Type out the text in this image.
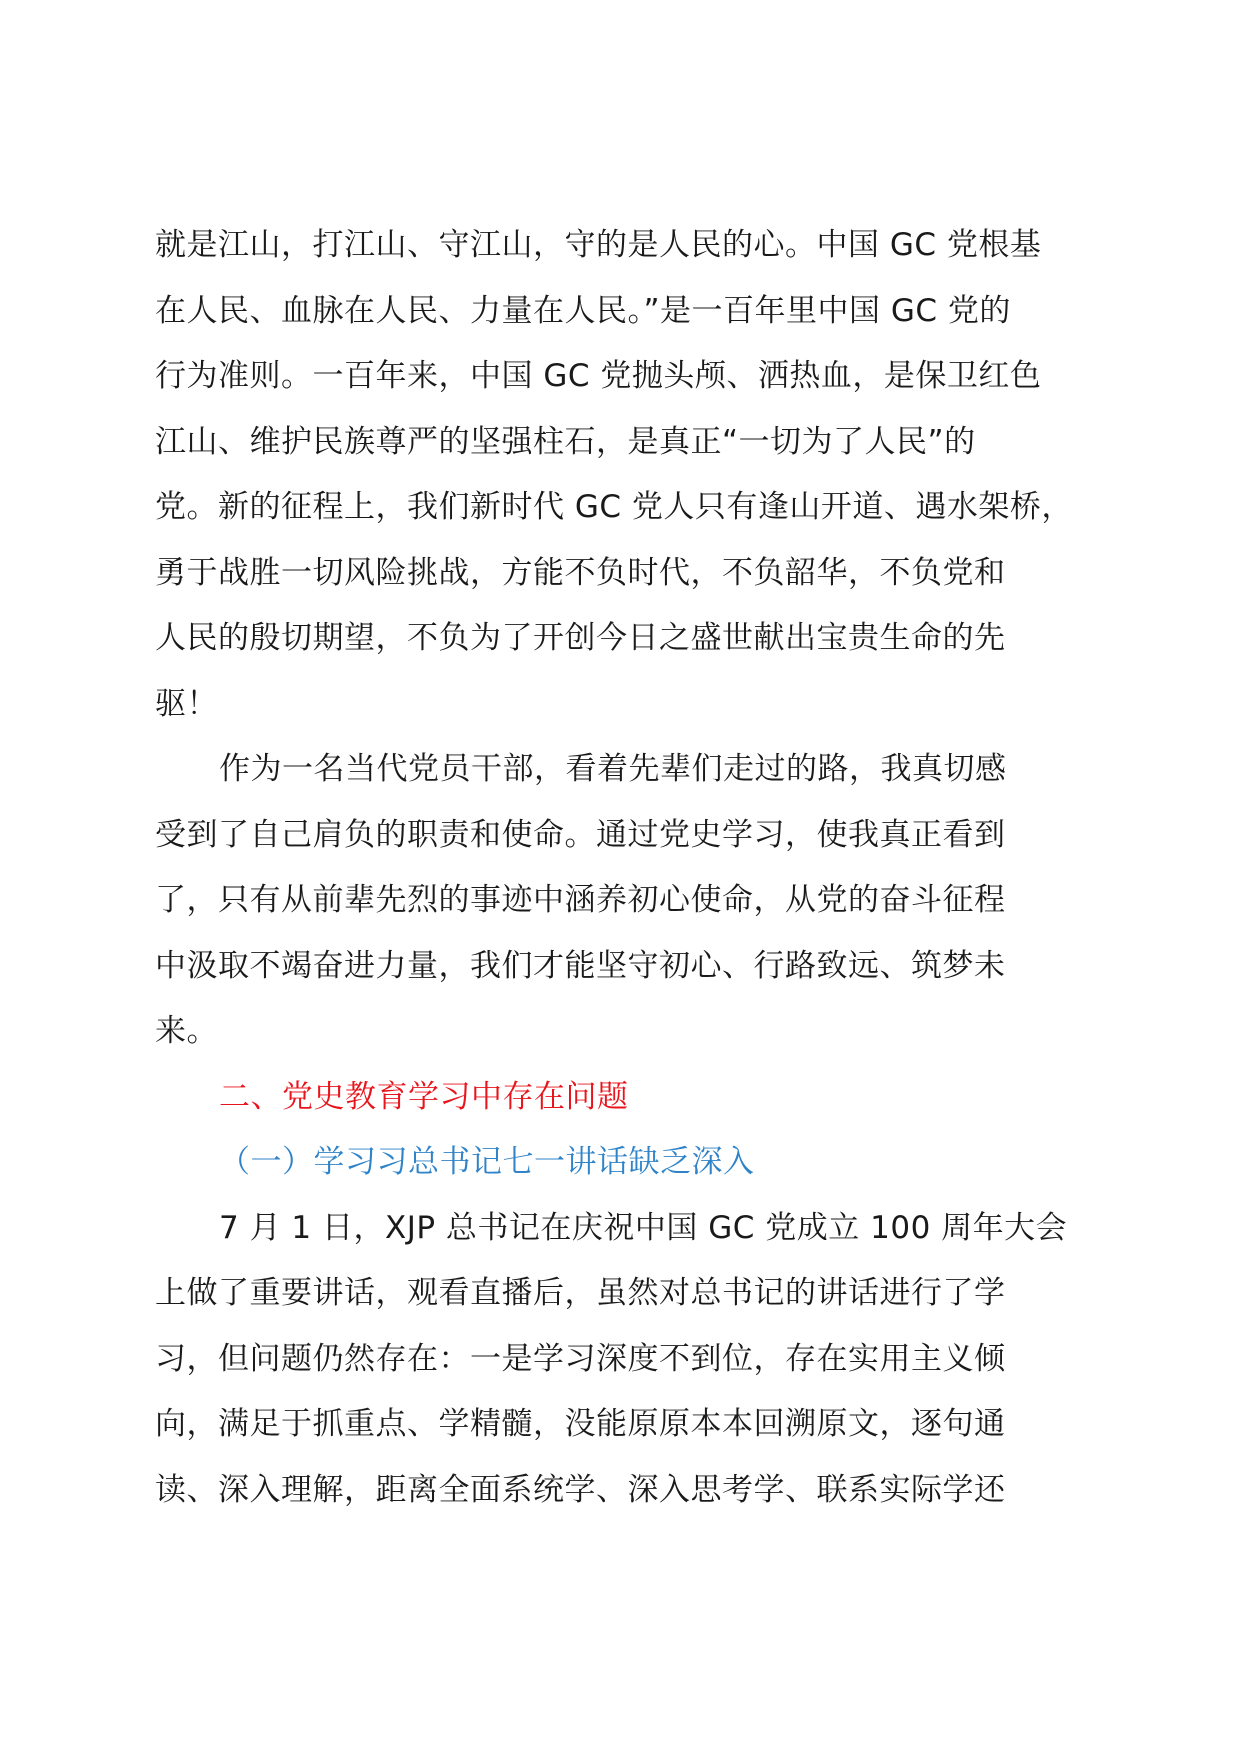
就是江山，打江山、守江山，守的是人民的心。中国 GC 党根基
在人民、血脉在人民、力量在人民。”是一百年里中国 GC 党的
行为准则。一百年来，中国 GC 党抛头颅、洒热血，是保卫红色
江山、维护民族尊严的坚强柱石，是真正“一切为了人民”的
党。新的征程上，我们新时代 GC 党人只有逢山开道、遇水架桥，
勇于战胜一切风险挑战，方能不负时代，不负韶华，不负党和
人民的殷切期望，不负为了开创今日之盛世献出宝贵生命的先
驱！
作为一名当代党员干部，看着先辈们走过的路，我真切感
受到了自己肩负的职责和使命。通过党史学习，使我真正看到
了，只有从前辈先烈的事迹中涵养初心使命，从党的奋斗征程
中汲取不竭奋进力量，我们才能坚守初心、行路致远、筑梦未
来。
二、党史教育学习中存在问题
（一）学习习总书记七一讲话缺乏深入
7 月 1 日，XJP 总书记在庆祝中国 GC 党成立 100 周年大会
上做了重要讲话，观看直播后，虽然对总书记的讲话进行了学
习，但问题仍然存在：一是学习深度不到位，存在实用主义倾
向，满足于抓重点、学精髓，没能原原本本回溯原文，逐句通
读、深入理解，距离全面系统学、深入思考学、联系实际学还
